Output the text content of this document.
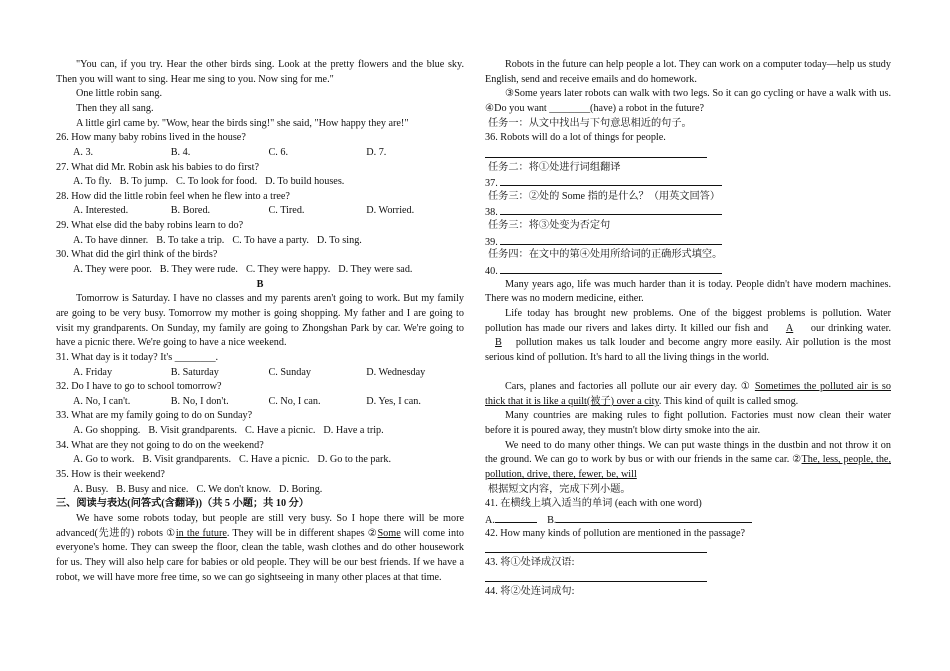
"You can, if you try. Hear the other birds sing. Look at the pretty flowers and the blue sky. Then you will want to sing. Hear me sing to you. Now sing for me."
One little robin sang.
Then they all sang.
A little girl came by. "Wow, hear the birds sing!" she said, "How happy they are!"
26. How many baby robins lived in the house?
A. 3.	B. 4.	C. 6.	D. 7.
27. What did Mr. Robin ask his babies to do first?
A. To fly. B. To jump. C. To look for food. D. To build houses.
28. How did the little robin feel when he flew into a tree?
A. Interested.	B. Bored.	C. Tired.	D. Worried.
29. What else did the baby robins learn to do?
A. To have dinner. B. To take a trip. C. To have a party. D. To sing.
30. What did the girl think of the birds?
A. They were poor. B. They were rude. C. They were happy. D. They were sad.
B
Tomorrow is Saturday. I have no classes and my parents aren't going to work. But my family are going to be very busy. Tomorrow my mother is going shopping. My father and I are going to visit my grandparents. On Sunday, my family are going to Zhongshan Park by car. We're going to have a picnic there. We're going to have a nice weekend.
31. What day is it today? It's ________.
A. Friday	B. Saturday	C. Sunday	D. Wednesday
32. Do I have to go to school tomorrow?
A. No, I can't.	B. No, I don't.	C. No, I can.	D. Yes, I can.
33. What are my family going to do on Sunday?
A. Go shopping. B. Visit grandparents. C. Have a picnic. D. Have a trip.
34. What are they not going to do on the weekend?
A. Go to work. B. Visit grandparents. C. Have a picnic. D. Go to the park.
35. How is their weekend?
A. Busy. B. Busy and nice. C. We don't know. D. Boring.
三、阅读与表达(问答式(含翻译))（共 5 小题；共 10 分）
We have some robots today, but people are still very busy. So I hope there will be more advanced(先进的) robots ①in the future. They will be in different shapes ②Some will come into everyone's home. They can sweep the floor, clean the table, wash clothes and do other housework for us. They will also help care for babies or old people. They will be our best friends. If we have a robot, we will have more free time, so we can go sightseeing in many other places at that time.
Robots in the future can help people a lot. They can work on a computer today—help us study English, send and receive emails and do homework.
③Some years later robots can walk with two legs. So it can go cycling or have a walk with us. ④Do you want ________(have) a robot in the future?
任务一：从文中找出与下句意思相近的句子。
36. Robots will do a lot of things for people.
任务二：将①处进行词组翻译
37.
任务三：②处的 Some 指的是什么？（用英文回答）
38.
任务三：将③处变为否定句
39.
任务四：在文中的第④处用所给词的正确形式填空。
40.
Many years ago, life was much harder than it is today. People didn't have modern machines. There was no modern medicine, either.
Life today has brought new problems. One of the biggest problems is pollution. Water pollution has made our rivers and lakes dirty. It killed our fish and A our drinking water. B pollution makes us talk louder and become angry more easily. Air pollution is the most serious kind of pollution. It's hard to all the living things in the world.
Cars, planes and factories all pollute our air every day. ① Sometimes the polluted air is so thick that it is like a quilt(被子) over a city. This kind of quilt is called smog.
Many countries are making rules to fight pollution. Factories must now clean their water before it is poured away, they mustn't blow dirty smoke into the air.
We need to do many other things. We can put waste things in the dustbin and not throw it on the ground. We can go to work by bus or with our friends in the same car. ②The, less, people, the, pollution, drive, there, fewer, be, will
根据短文内容，完成下列小题。
41. 在横线上填入适当的单词 (each with one word)
A.	B.
42. How many kinds of pollution are mentioned in the passage?
43. 将①处译成汉语:
44. 将②处连词成句:
